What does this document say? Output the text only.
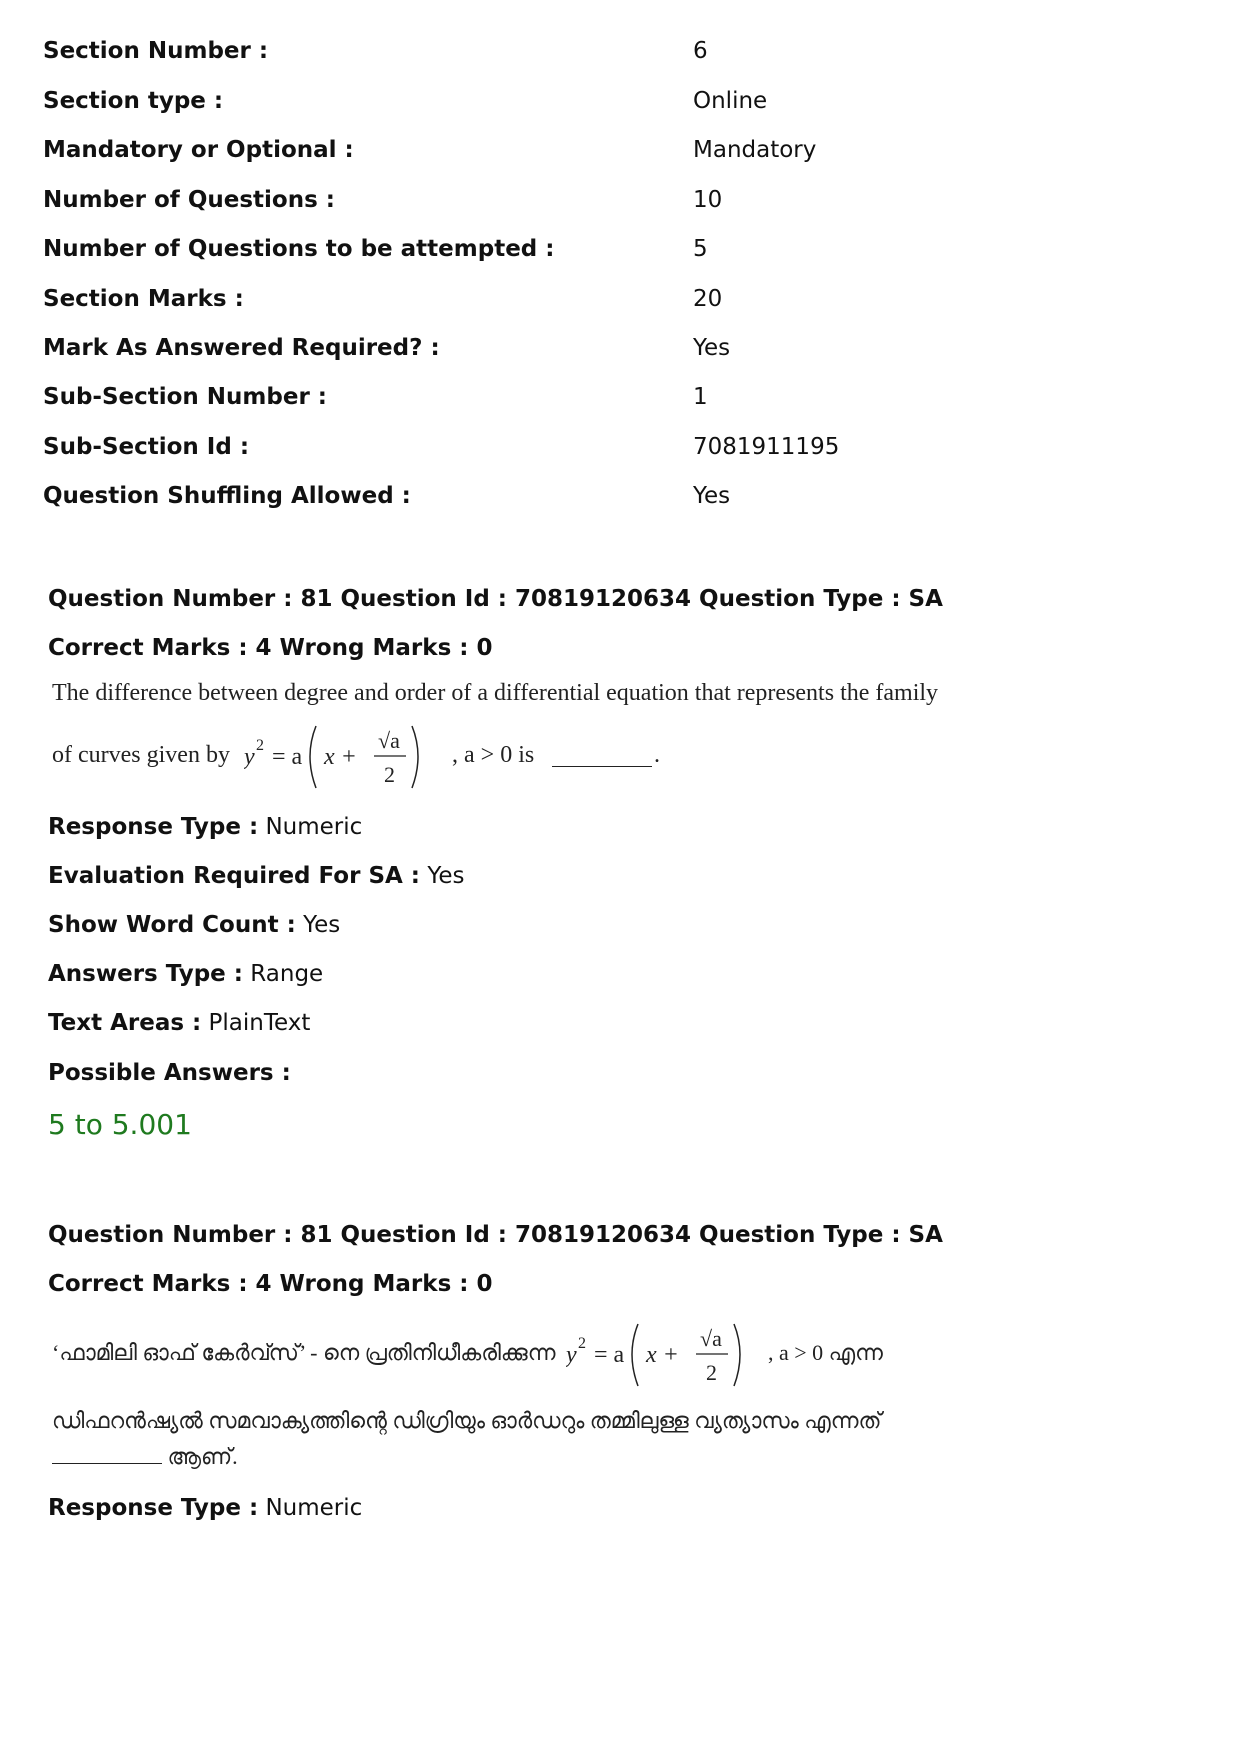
Section Number :	6
Section type :	Online
Mandatory or Optional :	Mandatory
Number of Questions :	10
Number of Questions to be attempted :	5
Section Marks :	20
Mark As Answered Required? :	Yes
Sub-Section Number :	1
Sub-Section Id :	7081911195
Question Shuffling Allowed :	Yes
Question Number : 81 Question Id : 70819120634 Question Type : SA
Correct Marks : 4 Wrong Marks : 0
The difference between degree and order of a differential equation that represents the family
of curves given by y 2 = a x +
√a
2
, a > 0 is	.
Response Type : Numeric
Evaluation Required For SA : Yes
Show Word Count : Yes
Answers Type : Range
Text Areas : PlainText
Possible Answers :
5 to 5.001
Question Number : 81 Question Id : 70819120634 Question Type : SA
Correct Marks : 4 Wrong Marks : 0
‘ഫാമിലി ഓഫ് കേർവ്സ്’ - നെ പ്രതിനിധീകരിക്കുന്ന y 2 = a x +
√a
2
, a > 0 എന്ന
ഡിഫറൻഷ്യൽ സമവാക്യത്തിന്റെ ഡിഗ്രിയും ഓർഡറും തമ്മിലുള്ള വ്യത്യാസം എന്നത്
ആണ്.
Response Type : Numeric
